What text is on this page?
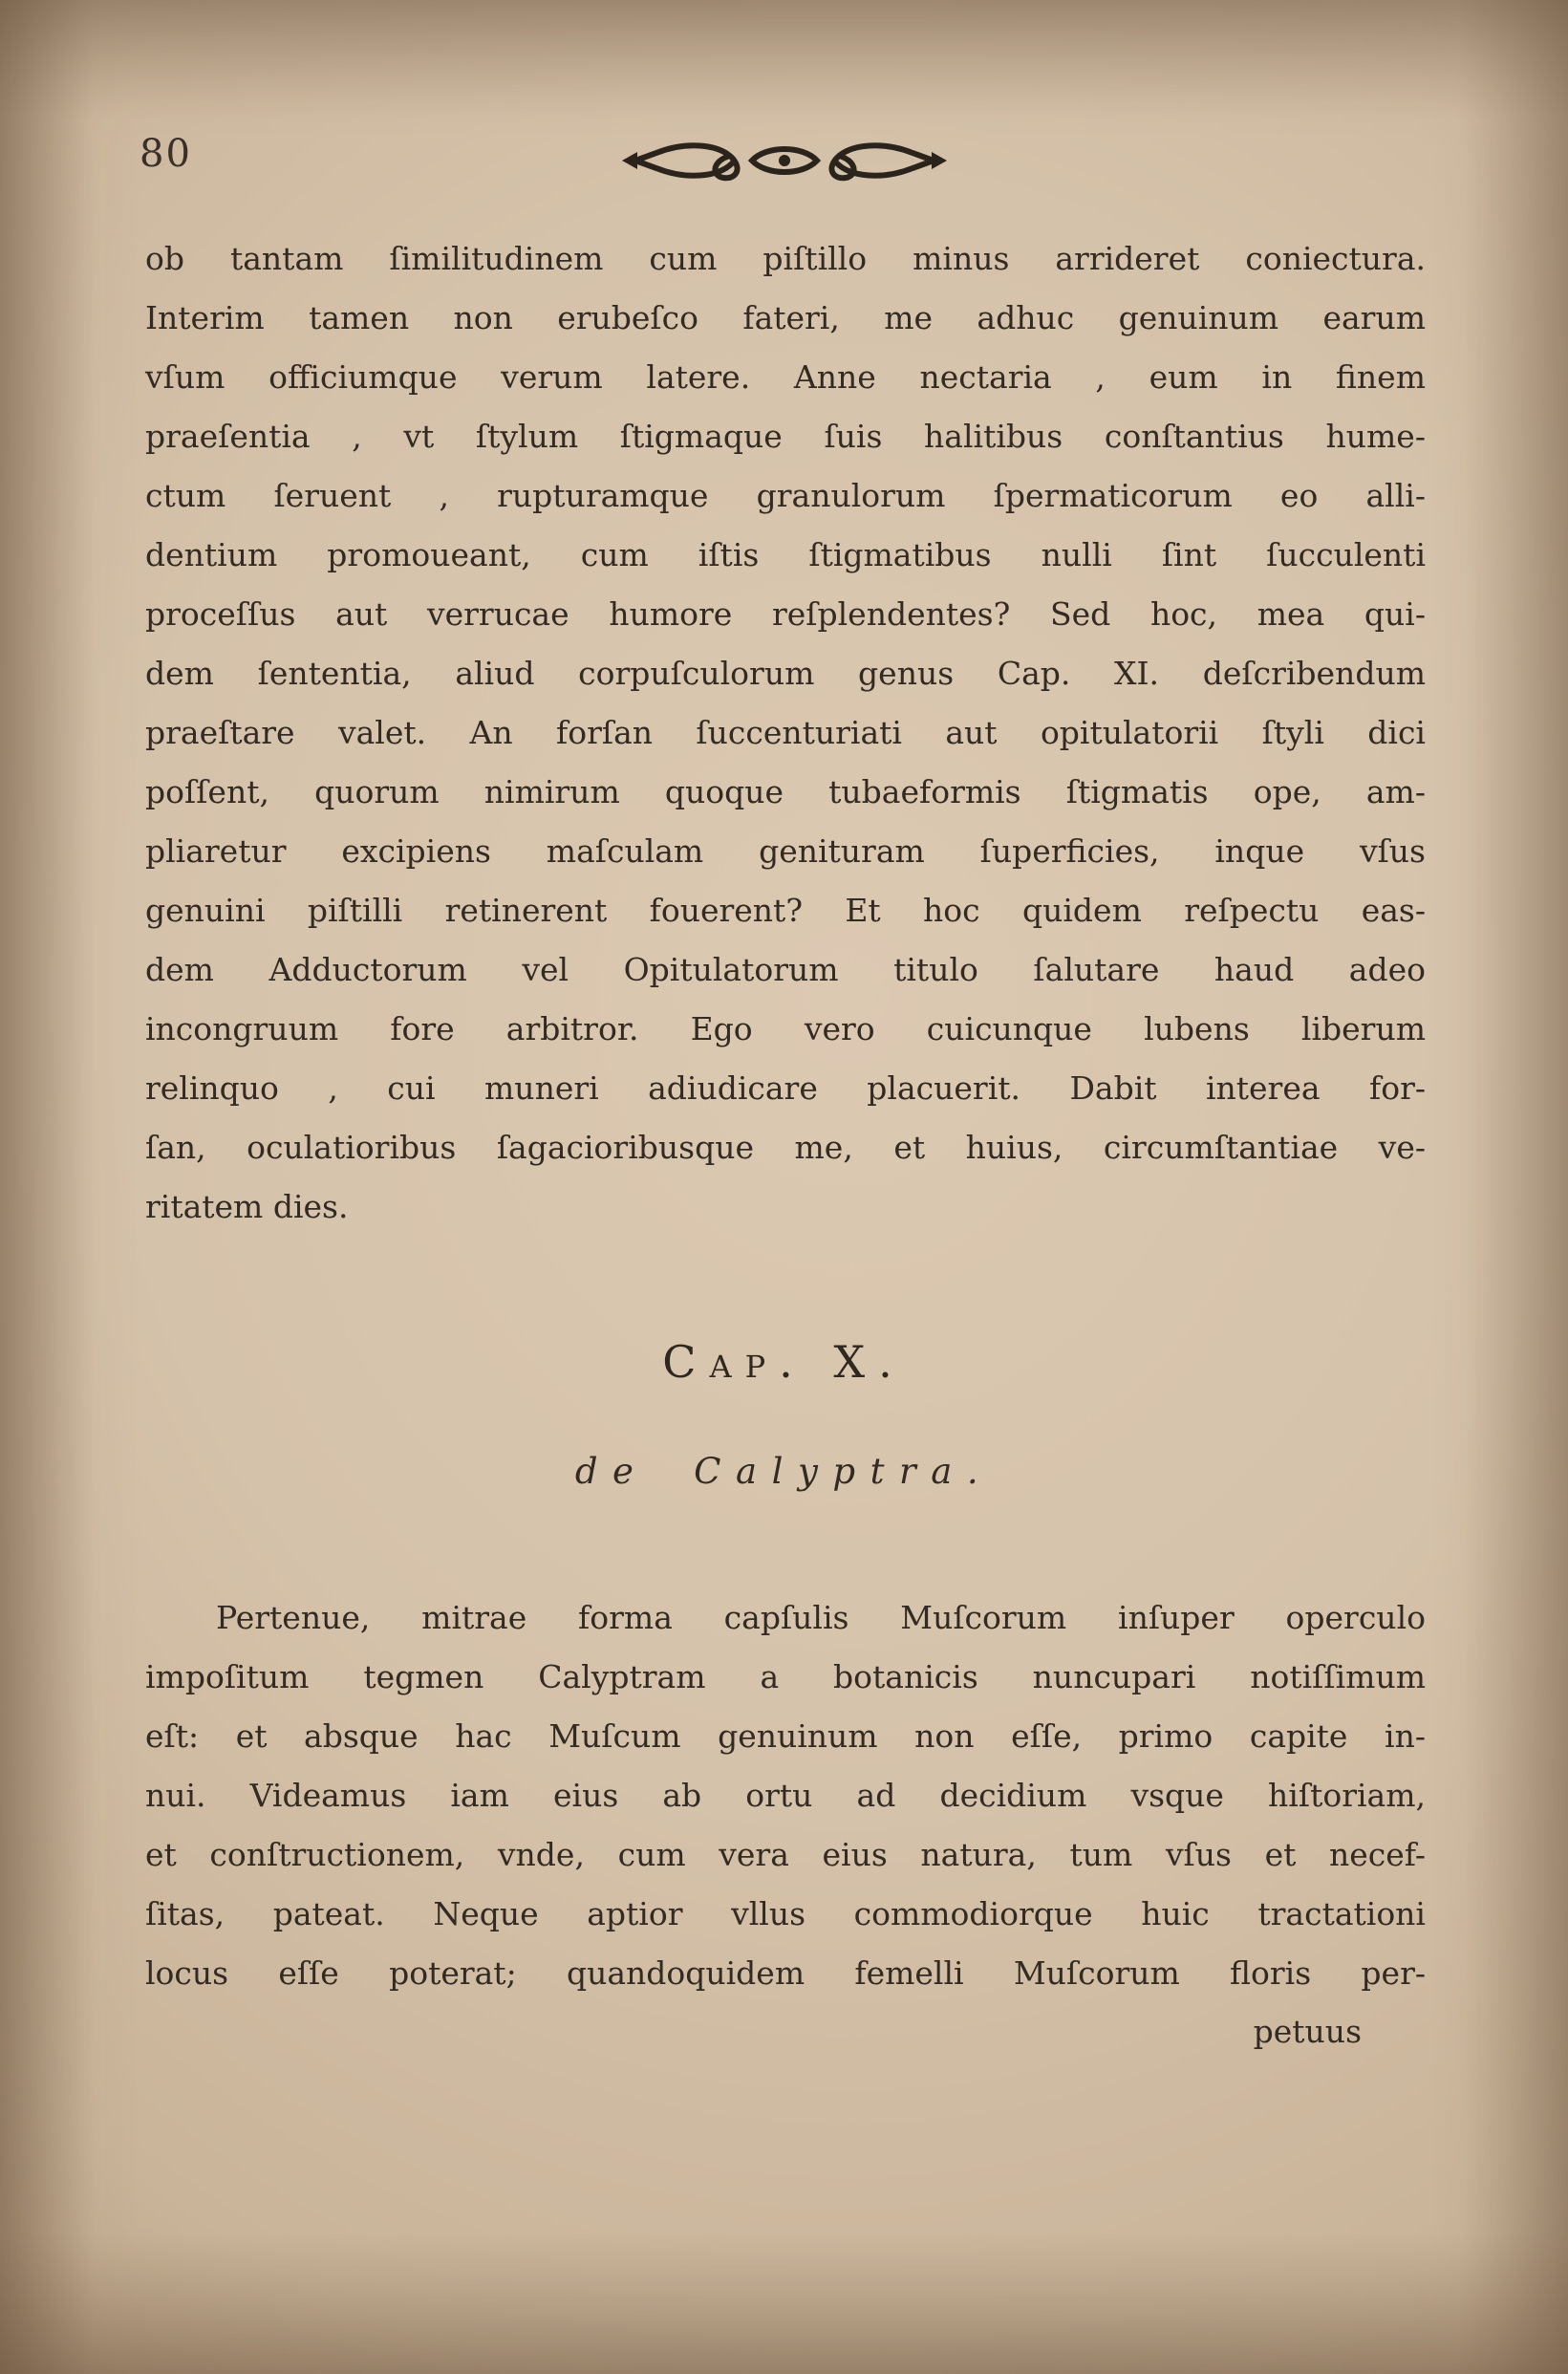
80
ob tantam ſimilitudinem cum piſtillo minus arrideret coniectura.
Interim tamen non erubeſco fateri, me adhuc genuinum earum
vſum officiumque verum latere. Anne nectaria , eum in finem
praeſentia , vt ſtylum ſtigmaque ſuis halitibus conſtantius hume-
ctum ſeruent , rupturamque granulorum ſpermaticorum eo alli-
dentium promoueant, cum iſtis ſtigmatibus nulli ſint ſucculenti
proceſſus aut verrucae humore reſplendentes? Sed hoc, mea qui-
dem ſententia, aliud corpuſculorum genus Cap. XI. deſcribendum
praeſtare valet. An forſan ſuccenturiati aut opitulatorii ſtyli dici
poſſent, quorum nimirum quoque tubaeformis ſtigmatis ope, am-
pliaretur excipiens maſculam genituram ſuperficies, inque vſus
genuini piſtilli retinerent fouerent? Et hoc quidem reſpectu eas-
dem Adductorum vel Opitulatorum titulo ſalutare haud adeo
incongruum fore arbitror. Ego vero cuicunque lubens liberum
relinquo , cui muneri adiudicare placuerit. Dabit interea for-
ſan, oculatioribus ſagacioribusque me, et huius, circumſtantiae ve-
ritatem dies.
Cap. X.
de Calyptra.
Pertenue, mitrae forma capſulis Muſcorum inſuper operculo
impoſitum tegmen Calyptram a botanicis nuncupari notiſſimum
eſt: et absque hac Muſcum genuinum non eſſe, primo capite in-
nui. Videamus iam eius ab ortu ad decidium vsque hiſtoriam,
et conſtructionem, vnde, cum vera eius natura, tum vſus et necef-
ſitas, pateat. Neque aptior vllus commodiorque huic tractationi
locus eſſe poterat; quandoquidem femelli Muſcorum floris per-
petuus
